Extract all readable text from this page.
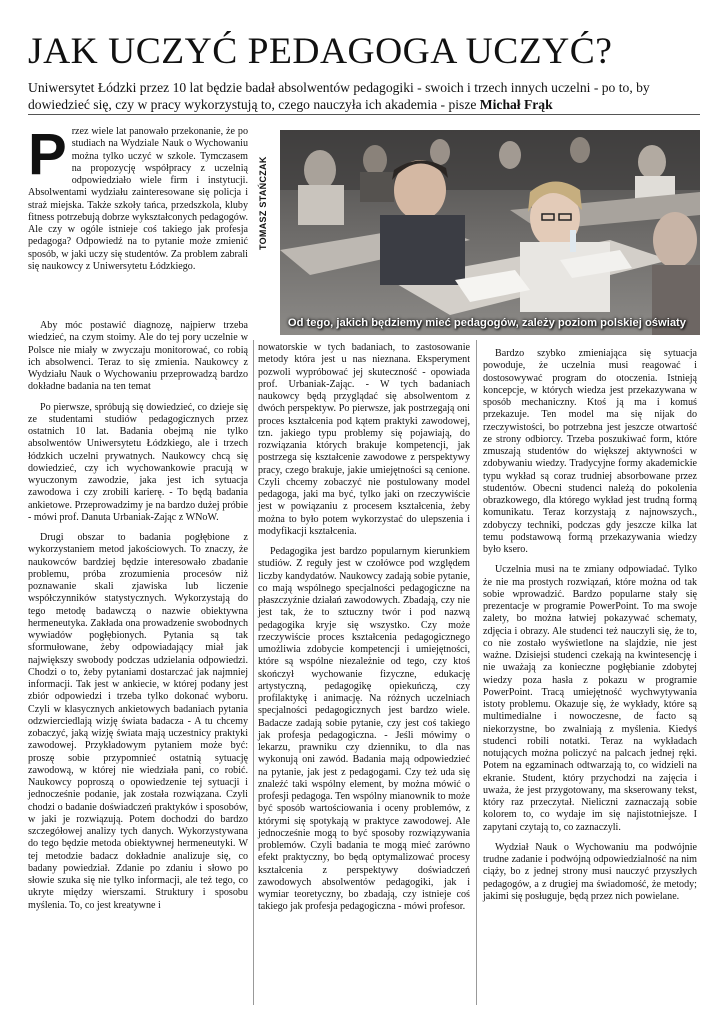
JAK UCZYĆ PEDAGOGA UCZYĆ?

Uniwersytet Łódzki przez 10 lat będzie badał absolwentów pedagogiki - swoich i trzech innych uczelni - po to, by dowiedzieć się, czy w pracy wykorzystują to, czego nauczyła ich akademia - pisze Michał Frąk

TOMASZ STAŃCZAK
Od tego, jakich będziemy mieć pedagogów, zależy poziom polskiej oświaty
P rzez wiele lat panowało przekonanie, że po studiach na Wydziale Nauk o Wychowaniu można tylko uczyć w szkole. Tymczasem na propozycję współpracy z uczelnią odpowiedziało wiele firm i instytucji. Absolwentami wydziału zainteresowane się policja i straż miejska. Także szkoły tańca, przedszkola, kluby fitness potrzebują dobrze wykształconych pedagogów. Ale czy w ogóle istnieje coś takiego jak profesja pedagoga? Odpowiedź na to pytanie może zmienić sposób, w jaki uczy się studentów. Za problem zabrali się naukowcy z Uniwersytetu Łódzkiego.

Aby móc postawić diagnozę, najpierw trzeba wiedzieć, na czym stoimy. Ale do tej pory uczelnie w Polsce nie miały w zwyczaju monitorować, co robią ich absolwenci. Teraz to się zmienia. Naukowcy z Wydziału Nauk o Wychowaniu przeprowadzą bardzo dokładne badania na ten temat

Po pierwsze, spróbują się dowiedzieć, co dzieje się ze studentami studiów pedagogicznych przez ostatnich 10 lat. Badania obejmą nie tylko absolwentów Uniwersytetu Łódzkiego, ale i trzech łódzkich uczelni prywatnych. Naukowcy chcą się dowiedzieć, czy ich wychowankowie pracują w wyuczonym zawodzie, jaka jest ich sytuacja zawodowa i czy zrobili karierę. - To będą badania ankietowe. Przeprowadzimy je na bardzo dużej próbie - mówi prof. Danuta Urbaniak-Zając z WNoW.

Drugi obszar to badania pogłębione z wykorzystaniem metod jakościowych. To znaczy, że naukowców bardziej będzie interesowało zbadanie problemu, próba zrozumienia procesów niż poznawanie skali zjawiska lub liczenie współczynników statystycznych. Wykorzystają do tego metodę badawczą o nazwie obiektywna hermeneutyka. Zakłada ona prowadzenie swobodnych wywiadów pogłębionych. Pytania są tak sformułowane, żeby odpowiadający miał jak największy swobody podczas udzielania odpowiedzi. Chodzi o to, żeby pytaniami dostarczać jak najmniej informacji. Tak jest w ankiecie, w której podany jest zbiór odpowiedzi i trzeba tylko dokonać wyboru. Czyli w klasycznych ankietowych badaniach pytania odzwierciedlają wizję świata badacza - A tu chcemy zobaczyć, jaką wizję świata mają uczestnicy praktyki zawodowej. Przykładowym pytaniem może być: proszę sobie przypomnieć ostatnią sytuację zawodową, w której nie wiedziała pani, co robić. Naukowcy poproszą o opowiedzenie tej sytuacji i jednocześnie podanie, jak została rozwiązana. Czyli chodzi o badanie doświadczeń praktyków i sposobów, w jaki je rozwiązują. Potem dochodzi do bardzo szczegółowej analizy tych danych. Wykorzystywana do tego będzie metoda obiektywnej hermeneutyki. W tej metodzie badacz dokładnie analizuje się, co badany powiedział. Zdanie po zdaniu i słowo po słowie szuka się nie tylko informacji, ale też tego, co ukryte między wierszami. Struktury i sposobu myślenia. To, co jest kreatywne i

nowatorskie w tych badaniach, to zastosowanie metody która jest u nas nieznana. Eksperyment pozwoli wypróbować jej skuteczność - opowiada prof. Urbaniak-Zając. - W tych badaniach naukowcy będą przyglądać się absolwentom z dwóch perspektyw. Po pierwsze, jak postrzegają oni proces kształcenia pod kątem praktyki zawodowej, tzn. jakiego typu problemy się pojawiają, do rozwiązania których brakuje kompetencji, jak postrzega się kształcenie zawodowe z perspektywy pracy, czego brakuje, jakie umiejętności są cenione. Czyli chcemy zobaczyć nie postulowany model pedagoga, jaki ma być, tylko jaki on rzeczywiście jest w powiązaniu z procesem kształcenia, żeby można to było potem wykorzystać do ulepszenia i modyfikacji kształcenia.

Pedagogika jest bardzo popularnym kierunkiem studiów. Z reguły jest w czołówce pod względem liczby kandydatów. Naukowcy zadają sobie pytanie, co mają wspólnego specjalności pedagogiczne na płaszczyźnie działań zawodowych. Zbadają, czy nie jest tak, że to sztuczny twór i pod nazwą pedagogika kryje się wszystko. Czy może rzeczywiście proces kształcenia pedagogicznego umożliwia zdobycie kompetencji i umiejętności, które są wspólne niezależnie od tego, czy ktoś skończył wychowanie fizyczne, edukację artystyczną, pedagogikę opiekuńczą, czy profilaktykę i animację. Na różnych uczelniach specjalności pedagogicznych jest bardzo wiele. Badacze zadają sobie pytanie, czy jest coś takiego jak profesja pedagogiczna. - Jeśli mówimy o lekarzu, prawniku czy dzienniku, to dla nas wykonują oni zawód. Badania mają odpowiedzieć na pytanie, jak jest z pedagogami. Czy też uda się znaleźć taki wspólny element, by można mówić o profesji pedagoga. Ten wspólny mianownik to może być sposób wartościowania i oceny problemów, z którymi się spotykają w praktyce zawodowej. Ale jednocześnie mogą to być sposoby rozwiązywania problemów. Czyli badania te mogą mieć zarówno efekt praktyczny, bo będą optymalizować procesy kształcenia z perspektywy doświadczeń zawodowych absolwentów pedagogiki, jak i wymiar teoretyczny, bo zbadają, czy istnieje coś takiego jak profesja pedagogiczna - mówi profesor.

Bardzo szybko zmieniająca się sytuacja powoduje, że uczelnia musi reagować i dostosowywać program do otoczenia. Istnieją koncepcje, w których wiedza jest przekazywana w sposób mechaniczny. Ktoś ją ma i komuś przekazuje. Ten model ma się nijak do rzeczywistości, bo potrzebna jest jeszcze otwartość ze strony odbiorcy. Trzeba poszukiwać form, które zmuszają studentów do większej aktywności w zdobywaniu wiedzy. Tradycyjne formy akademickie typu wykład są coraz trudniej absorbowane przez studentów. Obecni studenci należą do pokolenia obrazkowego, dla którego wykład jest trudną formą komunikatu. Teraz korzystają z najnowszych., zdobyczy techniki, podczas gdy jeszcze kilka lat temu podstawową formą przekazywania wiedzy było ksero.

Uczelnia musi na te zmiany odpowiadać. Tylko że nie ma prostych rozwiązań, które można od tak sobie wprowadzić. Bardzo popularne stały się prezentacje w programie PowerPoint. To ma swoje zalety, bo można łatwiej pokazywać schematy, zdjęcia i obrazy. Ale studenci też nauczyli się, że to, co nie zostało wyświetlone na slajdzie, nie jest ważne. Dzisiejsi studenci czekają na kwintesencję i nie uważają za konieczne pogłębianie zdobytej wiedzy poza hasła z pokazu w programie PowerPoint. Tracą umiejętność wychwytywania istoty problemu. Okazuje się, że wykłady, które są multimedialne i nowoczesne, de facto są niekorzystne, bo zwalniają z myślenia. Kiedyś studenci robili notatki. Teraz na wykładach notujących można policzyć na palcach jednej ręki. Potem na egzaminach odtwarzają to, co widzieli na ekranie. Student, który przychodzi na zajęcia i uważa, że jest przygotowany, ma skserowany tekst, który raz przeczytał. Nieliczni zaznaczają sobie kolorem to, co wydaje im się najistotniejsze. I zapytani czytają to, co zaznaczyli.

Wydział Nauk o Wychowaniu ma podwójnie trudne zadanie i podwójną odpowiedzialność na nim ciąży, bo z jednej strony musi nauczyć przyszłych pedagogów, a z drugiej ma świadomość, że metody; jakimi się posługuje, będą przez nich powielane.
